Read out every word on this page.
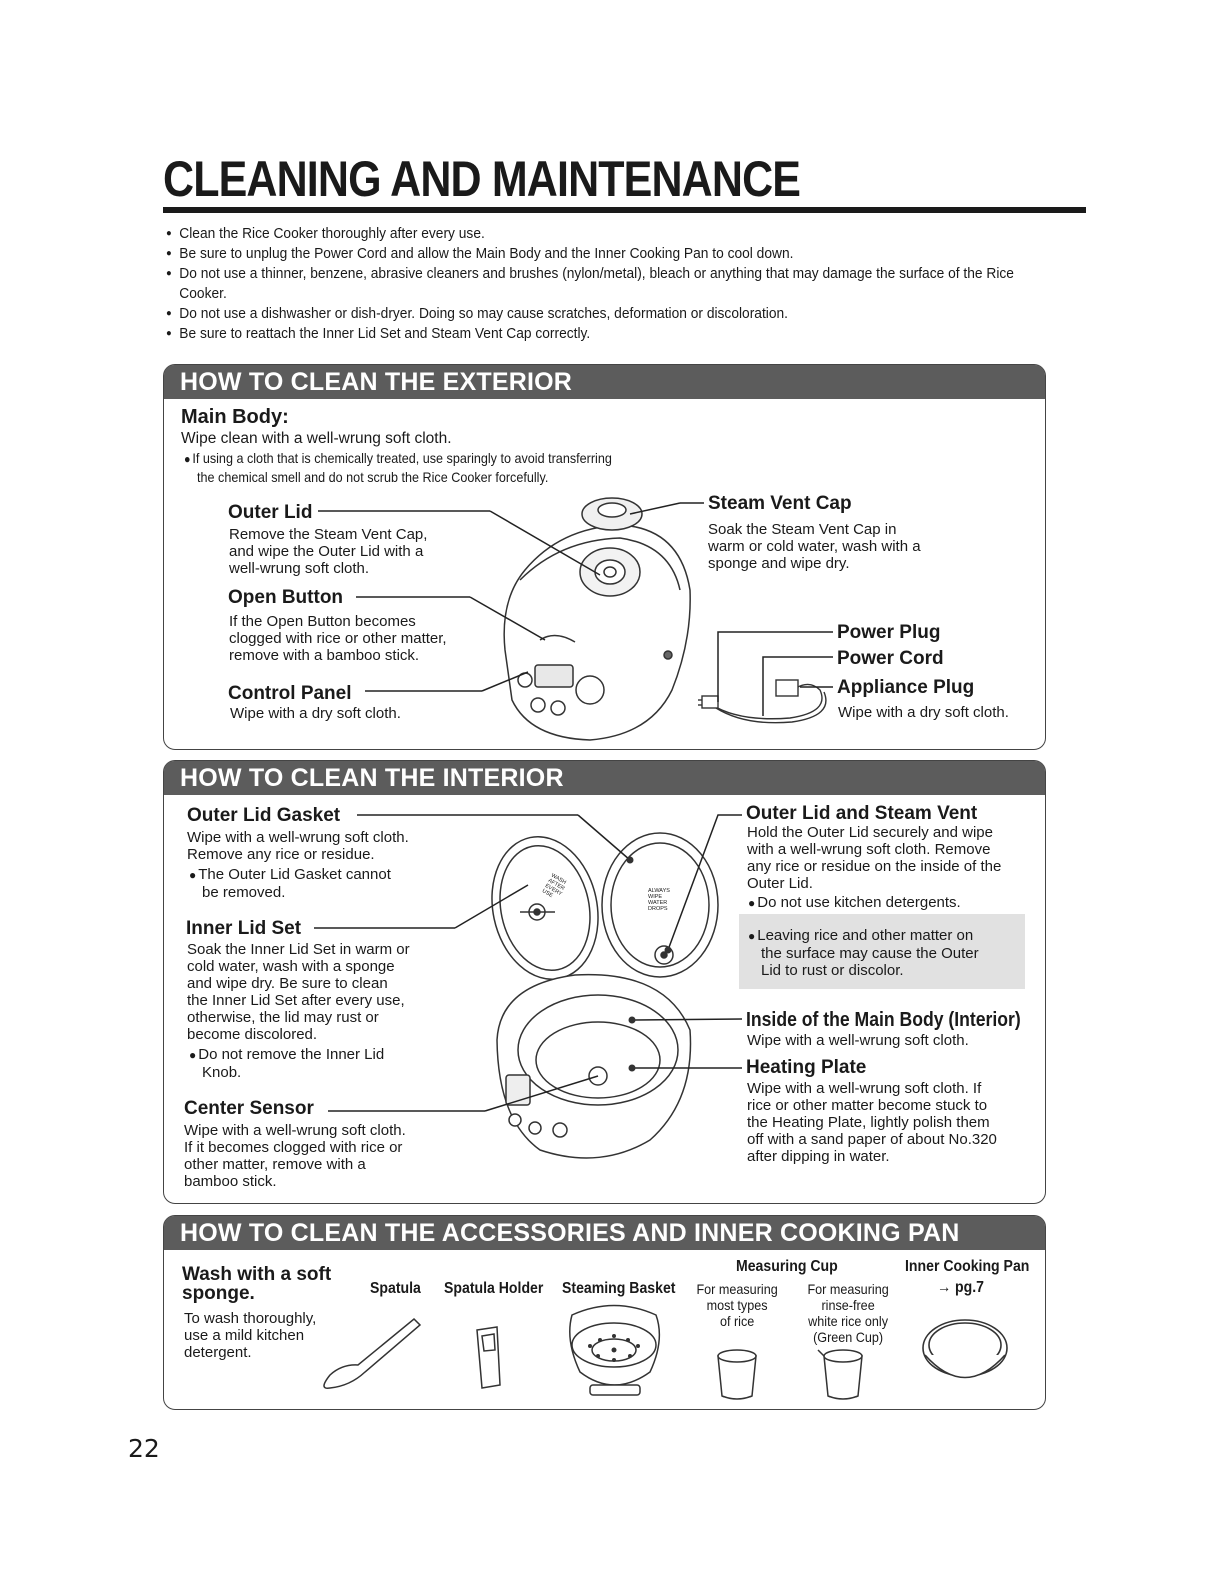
CLEANING AND MAINTENANCE
● Clean the Rice Cooker thoroughly after every use.
● Be sure to unplug the Power Cord and allow the Main Body and the Inner Cooking Pan to cool down.
● Do not use a thinner, benzene, abrasive cleaners and brushes (nylon/metal), bleach or anything that may damage the surface of the Rice Cooker.
● Do not use a dishwasher or dish-dryer. Doing so may cause scratches, deformation or discoloration.
● Be sure to reattach the Inner Lid Set and Steam Vent Cap correctly.
HOW TO CLEAN THE EXTERIOR
Main Body:
Wipe clean with a well-wrung soft cloth.
● If using a cloth that is chemically treated, use sparingly to avoid transferring
the chemical smell and do not scrub the Rice Cooker forcefully.
Outer Lid
Remove the Steam Vent Cap,
and wipe the Outer Lid with a
well-wrung soft cloth.
Open Button
If the Open Button becomes
clogged with rice or other matter,
remove with a bamboo stick.
Control Panel
Wipe with a dry soft cloth.
Steam Vent Cap
Soak the Steam Vent Cap in
warm or cold water, wash with a
sponge and wipe dry.
Power Plug
Power Cord
Appliance Plug
Wipe with a dry soft cloth.
HOW TO CLEAN THE INTERIOR
WASH AFTER EVERY USE	ALWAYS WIPE WATER DROPS
Outer Lid Gasket
Wipe with a well-wrung soft cloth.
Remove any rice or residue.
● The Outer Lid Gasket cannot
be removed.
Inner Lid Set
Soak the Inner Lid Set in warm or
cold water, wash with a sponge
and wipe dry. Be sure to clean
the Inner Lid Set after every use,
otherwise, the lid may rust or
become discolored.
● Do not remove the Inner Lid
Knob.
Center Sensor
Wipe with a well-wrung soft cloth.
If it becomes clogged with rice or
other matter, remove with a
bamboo stick.
Outer Lid and Steam Vent
Hold the Outer Lid securely and wipe
with a well-wrung soft cloth. Remove
any rice or residue on the inside of the
Outer Lid.
● Do not use kitchen detergents.
● Leaving rice and other matter on
the surface may cause the Outer
Lid to rust or discolor.
Inside of the Main Body (Interior)
Wipe with a well-wrung soft cloth.
Heating Plate
Wipe with a well-wrung soft cloth. If
rice or other matter become stuck to
the Heating Plate, lightly polish them
off with a sand paper of about No.320
after dipping in water.
HOW TO CLEAN THE ACCESSORIES AND INNER COOKING PAN
Wash with a soft
sponge.
To wash thoroughly,
use a mild kitchen
detergent.
Spatula Spatula Holder Steaming Basket
Measuring Cup
For measuring
most types
of rice
For measuring
rinse-free
white rice only
(Green Cup)
Inner Cooking Pan
→ pg.7
22
